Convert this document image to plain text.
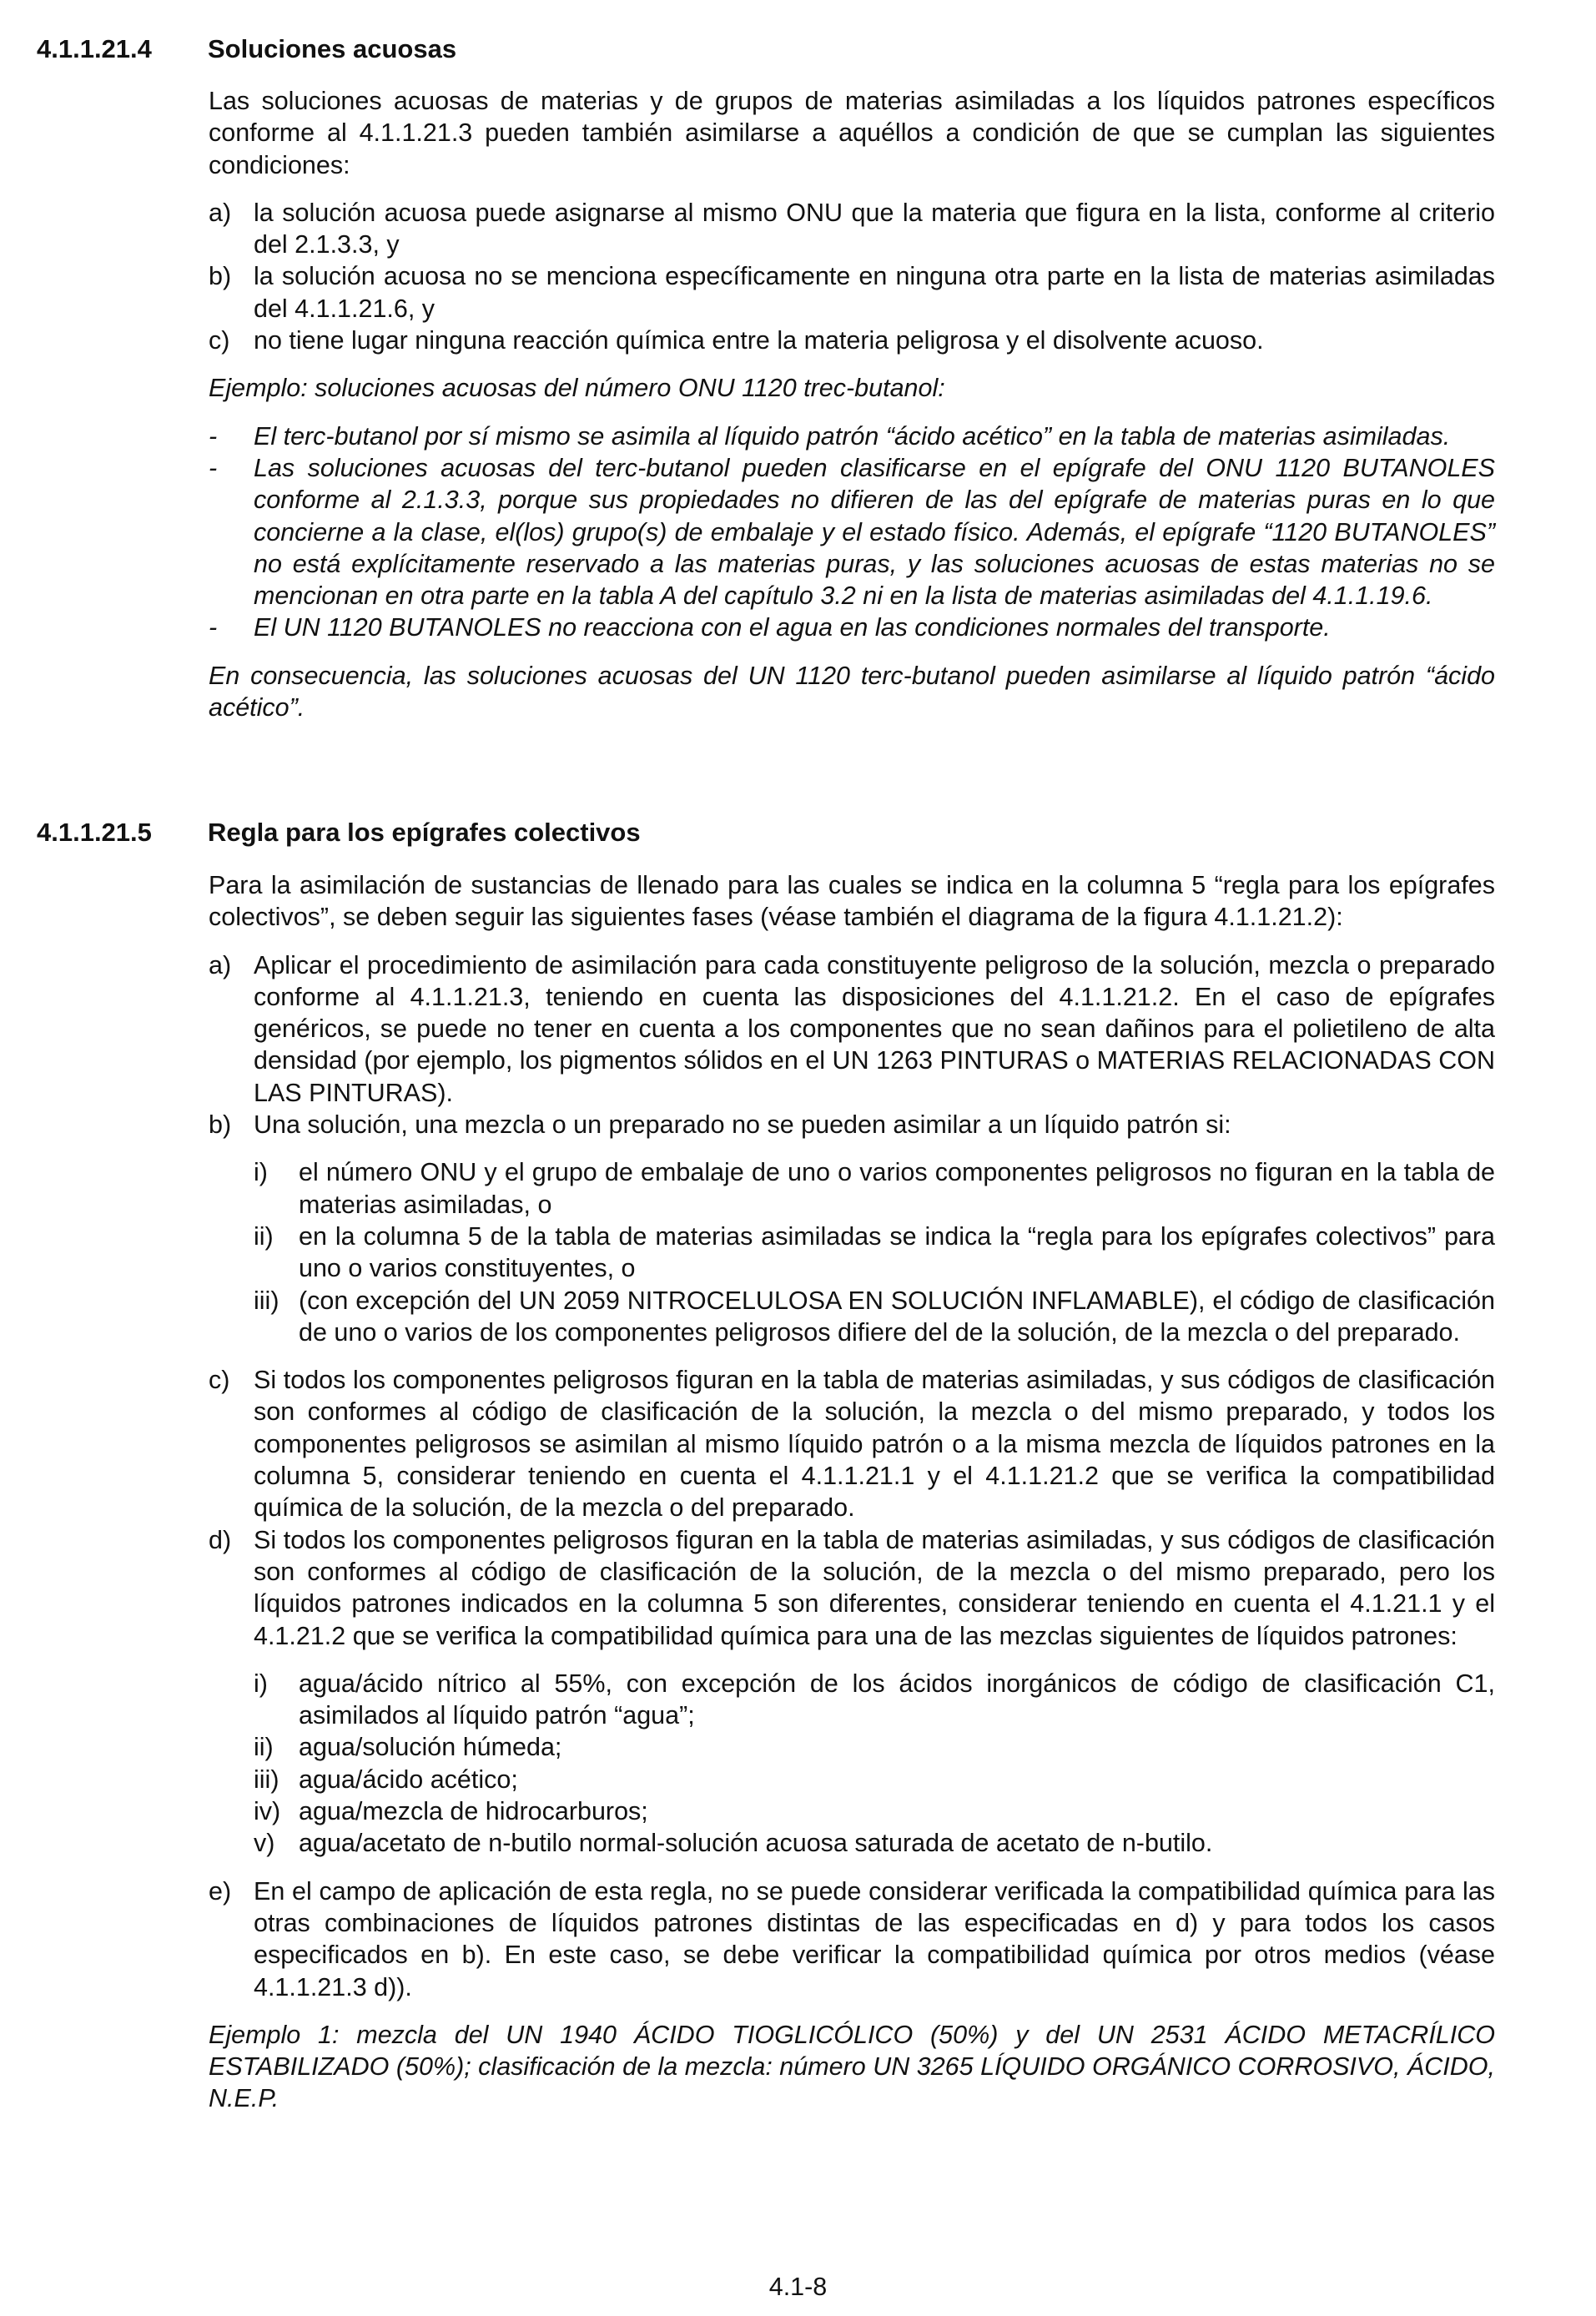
4.1.1.21.4 Soluciones acuosas

Las soluciones acuosas de materias y de grupos de materias asimiladas a los líquidos patrones específicos conforme al 4.1.1.21.3 pueden también asimilarse a aquéllos a condición de que se cumplan las siguientes condiciones:

a) la solución acuosa puede asignarse al mismo ONU que la materia que figura en la lista, conforme al criterio del 2.1.3.3, y
b) la solución acuosa no se menciona específicamente en ninguna otra parte en la lista de materias asimiladas del 4.1.1.21.6, y
c) no tiene lugar ninguna reacción química entre la materia peligrosa y el disolvente acuoso.

Ejemplo: soluciones acuosas del número ONU 1120 trec-butanol:

- El terc-butanol por sí mismo se asimila al líquido patrón “ácido acético” en la tabla de materias asimiladas.
- Las soluciones acuosas del terc-butanol pueden clasificarse en el epígrafe del ONU 1120 BUTANOLES conforme al 2.1.3.3, porque sus propiedades no difieren de las del epígrafe de materias puras en lo que concierne a la clase, el(los) grupo(s) de embalaje y el estado físico. Además, el epígrafe “1120 BUTANOLES” no está explícitamente reservado a las materias puras, y las soluciones acuosas de estas materias no se mencionan en otra parte en la tabla A del capítulo 3.2 ni en la lista de materias asimiladas del 4.1.1.19.6.
- El UN 1120 BUTANOLES no reacciona con el agua en las condiciones normales del transporte.

En consecuencia, las soluciones acuosas del UN 1120 terc-butanol pueden asimilarse al líquido patrón “ácido acético”.

4.1.1.21.5 Regla para los epígrafes colectivos

Para la asimilación de sustancias de llenado para las cuales se indica en la columna 5 “regla para los epígrafes colectivos”, se deben seguir las siguientes fases (véase también el diagrama de la figura 4.1.1.21.2):

a) Aplicar el procedimiento de asimilación para cada constituyente peligroso de la solución, mezcla o preparado conforme al 4.1.1.21.3, teniendo en cuenta las disposiciones del 4.1.1.21.2. En el caso de epígrafes genéricos, se puede no tener en cuenta a los componentes que no sean dañinos para el polietileno de alta densidad (por ejemplo, los pigmentos sólidos en el UN 1263 PINTURAS o MATERIAS RELACIONADAS CON LAS PINTURAS).
b) Una solución, una mezcla o un preparado no se pueden asimilar a un líquido patrón si:
i) el número ONU y el grupo de embalaje de uno o varios componentes peligrosos no figuran en la tabla de materias asimiladas, o
ii) en la columna 5 de la tabla de materias asimiladas se indica la “regla para los epígrafes colectivos” para uno o varios constituyentes, o
iii) (con excepción del UN 2059 NITROCELULOSA EN SOLUCIÓN INFLAMABLE), el código de clasificación de uno o varios de los componentes peligrosos difiere del de la solución, de la mezcla o del preparado.
c) Si todos los componentes peligrosos figuran en la tabla de materias asimiladas, y sus códigos de clasificación son conformes al código de clasificación de la solución, la mezcla o del mismo preparado, y todos los componentes peligrosos se asimilan al mismo líquido patrón o a la misma mezcla de líquidos patrones en la columna 5, considerar teniendo en cuenta el 4.1.1.21.1 y el 4.1.1.21.2 que se verifica la compatibilidad química de la solución, de la mezcla o del preparado.
d) Si todos los componentes peligrosos figuran en la tabla de materias asimiladas, y sus códigos de clasificación son conformes al código de clasificación de la solución, de la mezcla o del mismo preparado, pero los líquidos patrones indicados en la columna 5 son diferentes, considerar teniendo en cuenta el 4.1.21.1 y el 4.1.21.2 que se verifica la compatibilidad química para una de las mezclas siguientes de líquidos patrones:
i) agua/ácido nítrico al 55%, con excepción de los ácidos inorgánicos de código de clasificación C1, asimilados al líquido patrón “agua”;
ii) agua/solución húmeda;
iii) agua/ácido acético;
iv) agua/mezcla de hidrocarburos;
v) agua/acetato de n-butilo normal-solución acuosa saturada de acetato de n-butilo.
e) En el campo de aplicación de esta regla, no se puede considerar verificada la compatibilidad química para las otras combinaciones de líquidos patrones distintas de las especificadas en d) y para todos los casos especificados en b). En este caso, se debe verificar la compatibilidad química por otros medios (véase 4.1.1.21.3 d)).

Ejemplo 1: mezcla del UN 1940 ÁCIDO TIOGLICÓLICO (50%) y del UN 2531 ÁCIDO METACRÍLICO ESTABILIZADO (50%); clasificación de la mezcla: número UN 3265 LÍQUIDO ORGÁNICO CORROSIVO, ÁCIDO, N.E.P.

4.1-8
